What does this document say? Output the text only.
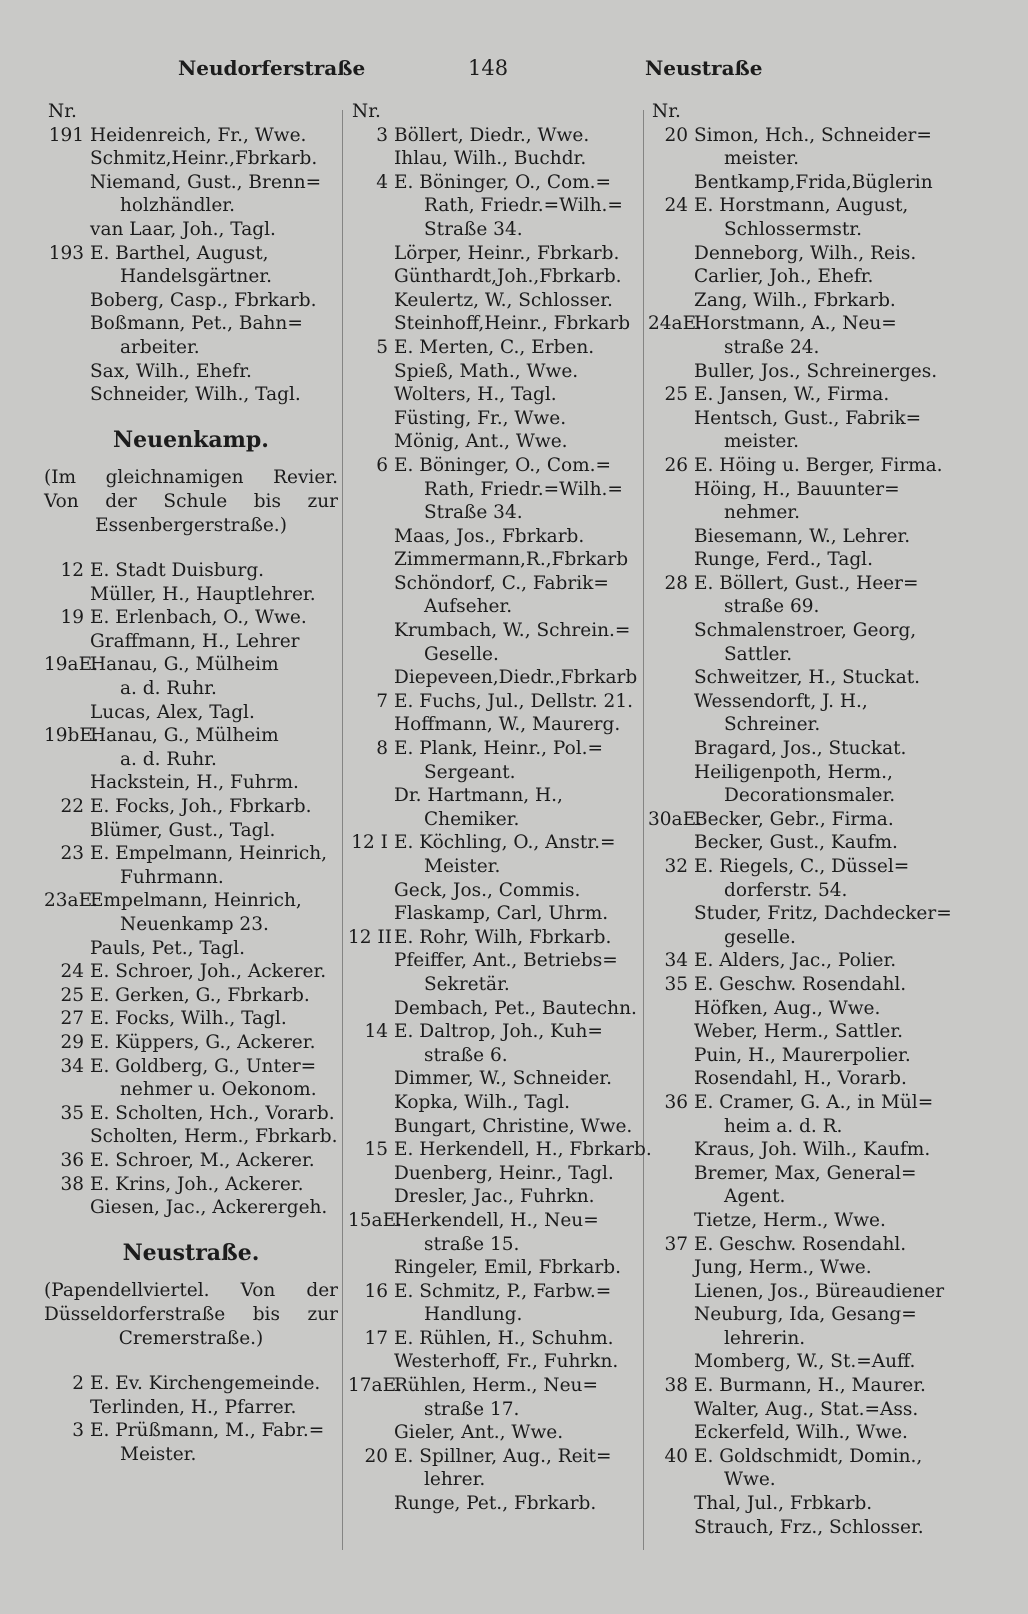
Neudorferstraße	148	Neustraße
Nr.
191 Heidenreich, Fr., Wwe.
Schmitz,Heinr.,Fbrkarb.
Niemand, Gust., Brenn=
holzhändler.
van Laar, Joh., Tagl.
193 E. Barthel, August,
Handelsgärtner.
Boberg, Casp., Fbrkarb.
Boßmann, Pet., Bahn=
arbeiter.
Sax, Wilh., Ehefr.
Schneider, Wilh., Tagl.
Neuenkamp.
(Im gleichnamigen Revier.
Von der Schule bis zur
Essenbergerstraße.)
12 E. Stadt Duisburg.
Müller, H., Hauptlehrer.
19 E. Erlenbach, O., Wwe.
Graffmann, H., Lehrer
19aE.
Hanau, G., Mülheim
a. d. Ruhr.
Lucas, Alex, Tagl.
19bE.
Hanau, G., Mülheim
a. d. Ruhr.
Hackstein, H., Fuhrm.
22 E. Focks, Joh., Fbrkarb.
Blümer, Gust., Tagl.
23 E. Empelmann, Heinrich,
Fuhrmann.
23aE.
Empelmann, Heinrich,
Neuenkamp 23.
Pauls, Pet., Tagl.
24 E. Schroer, Joh., Ackerer.
25 E. Gerken, G., Fbrkarb.
27 E. Focks, Wilh., Tagl.
29 E. Küppers, G., Ackerer.
34 E. Goldberg, G., Unter=
nehmer u. Oekonom.
35 E. Scholten, Hch., Vorarb.
Scholten, Herm., Fbrkarb.
36 E. Schroer, M., Ackerer.
38 E. Krins, Joh., Ackerer.
Giesen, Jac., Ackerergeh.
Neustraße.
(Papendellviertel. Von der
Düsseldorferstraße bis zur
Cremerstraße.)
2 E. Ev. Kirchengemeinde.
Terlinden, H., Pfarrer.
3 E. Prüßmann, M., Fabr.=
Meister.
Nr.
3 Böllert, Diedr., Wwe.
Ihlau, Wilh., Buchdr.
4 E. Böninger, O., Com.=
Rath, Friedr.=Wilh.=
Straße 34.
Lörper, Heinr., Fbrkarb.
Günthardt,Joh.,Fbrkarb.
Keulertz, W., Schlosser.
Steinhoff,Heinr., Fbrkarb
5 E. Merten, C., Erben.
Spieß, Math., Wwe.
Wolters, H., Tagl.
Füsting, Fr., Wwe.
Mönig, Ant., Wwe.
6 E. Böninger, O., Com.=
Rath, Friedr.=Wilh.=
Straße 34.
Maas, Jos., Fbrkarb.
Zimmermann,R.,Fbrkarb
Schöndorf, C., Fabrik=
Aufseher.
Krumbach, W., Schrein.=
Geselle.
Diepeveen,Diedr.,Fbrkarb
7 E. Fuchs, Jul., Dellstr. 21.
Hoffmann, W., Maurerg.
8 E. Plank, Heinr., Pol.=
Sergeant.
Dr. Hartmann, H.,
Chemiker.
12 I E. Köchling, O., Anstr.=
Meister.
Geck, Jos., Commis.
Flaskamp, Carl, Uhrm.
12 II E. Rohr, Wilh, Fbrkarb.
Pfeiffer, Ant., Betriebs=
Sekretär.
Dembach, Pet., Bautechn.
14 E. Daltrop, Joh., Kuh=
straße 6.
Dimmer, W., Schneider.
Kopka, Wilh., Tagl.
Bungart, Christine, Wwe.
15 E. Herkendell, H., Fbrkarb.
Duenberg, Heinr., Tagl.
Dresler, Jac., Fuhrkn.
15aE.
Herkendell, H., Neu=
straße 15.
Ringeler, Emil, Fbrkarb.
16 E. Schmitz, P., Farbw.=
Handlung.
17 E. Rühlen, H., Schuhm.
Westerhoff, Fr., Fuhrkn.
17aE.
Rühlen, Herm., Neu=
straße 17.
Gieler, Ant., Wwe.
20 E. Spillner, Aug., Reit=
lehrer.
Runge, Pet., Fbrkarb.
Nr.
20 Simon, Hch., Schneider=
meister.
Bentkamp,Frida,Büglerin
24 E. Horstmann, August,
Schlossermstr.
Denneborg, Wilh., Reis.
Carlier, Joh., Ehefr.
Zang, Wilh., Fbrkarb.
24aE.
Horstmann, A., Neu=
straße 24.
Buller, Jos., Schreinerges.
25 E. Jansen, W., Firma.
Hentsch, Gust., Fabrik=
meister.
26 E. Höing u. Berger, Firma.
Höing, H., Bauunter=
nehmer.
Biesemann, W., Lehrer.
Runge, Ferd., Tagl.
28 E. Böllert, Gust., Heer=
straße 69.
Schmalenstroer, Georg,
Sattler.
Schweitzer, H., Stuckat.
Wessendorft, J. H.,
Schreiner.
Bragard, Jos., Stuckat.
Heiligenpoth, Herm.,
Decorationsmaler.
30aE.
Becker, Gebr., Firma.
Becker, Gust., Kaufm.
32 E. Riegels, C., Düssel=
dorferstr. 54.
Studer, Fritz, Dachdecker=
geselle.
34 E. Alders, Jac., Polier.
35 E. Geschw. Rosendahl.
Höfken, Aug., Wwe.
Weber, Herm., Sattler.
Puin, H., Maurerpolier.
Rosendahl, H., Vorarb.
36 E. Cramer, G. A., in Mül=
heim a. d. R.
Kraus, Joh. Wilh., Kaufm.
Bremer, Max, General=
Agent.
Tietze, Herm., Wwe.
37 E. Geschw. Rosendahl.
Jung, Herm., Wwe.
Lienen, Jos., Büreaudiener
Neuburg, Ida, Gesang=
lehrerin.
Momberg, W., St.=Auff.
38 E. Burmann, H., Maurer.
Walter, Aug., Stat.=Ass.
Eckerfeld, Wilh., Wwe.
40 E. Goldschmidt, Domin.,
Wwe.
Thal, Jul., Frbkarb.
Strauch, Frz., Schlosser.
